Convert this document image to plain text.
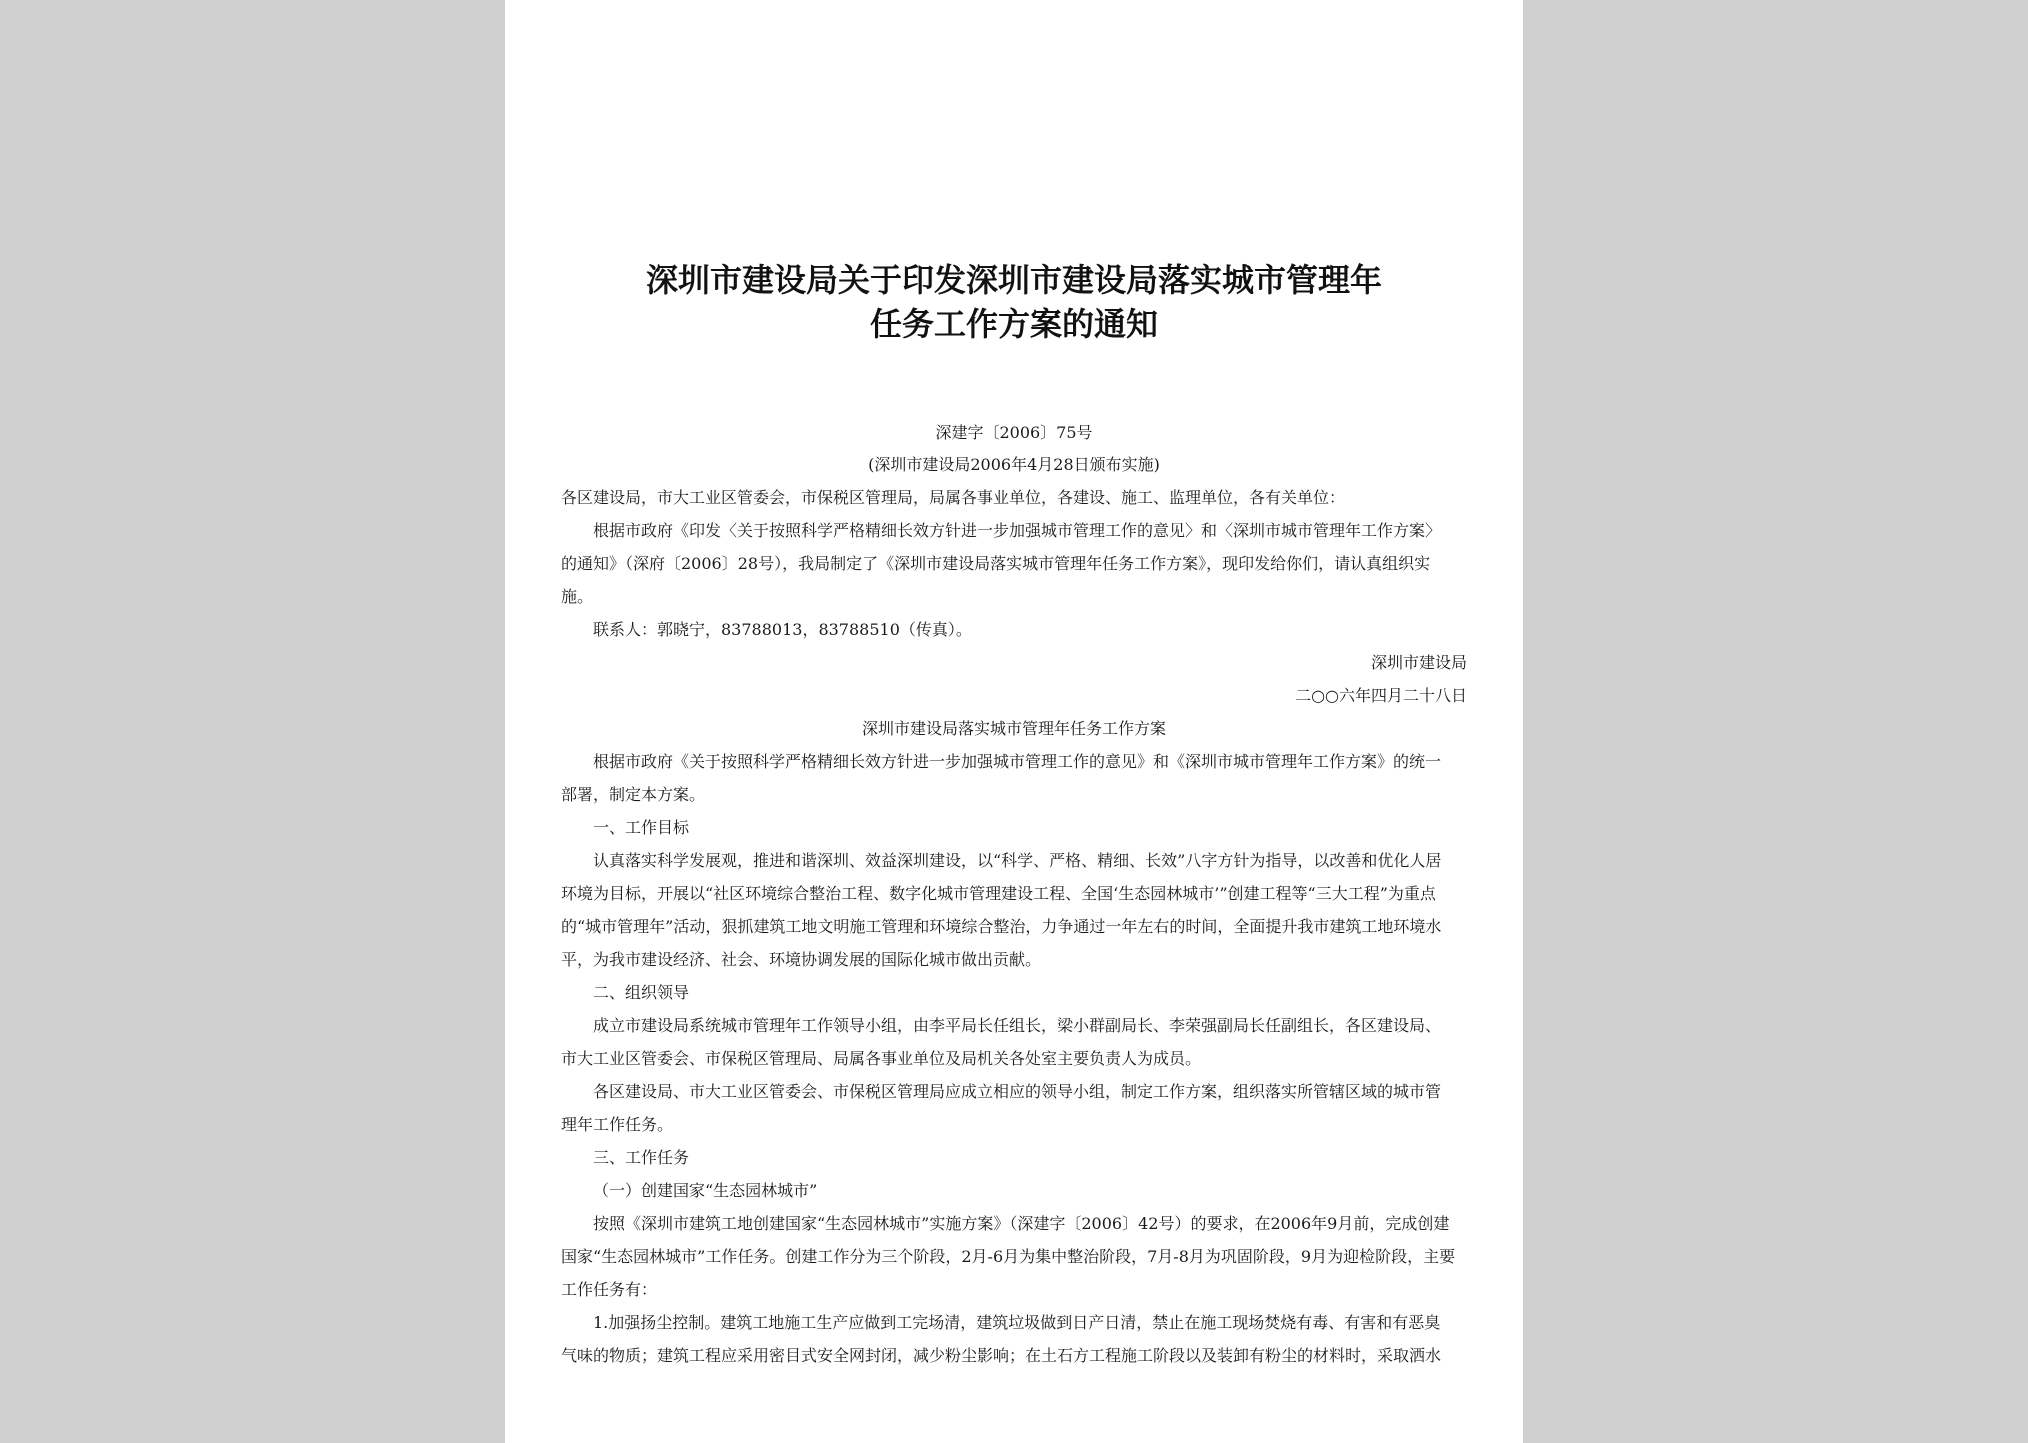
深圳市建设局关于印发深圳市建设局落实城市管理年
任务工作方案的通知
深建字〔2006〕75号
(深圳市建设局2006年4月28日颁布实施)
各区建设局，市大工业区管委会，市保税区管理局，局属各事业单位，各建设、施工、监理单位，各有关单位：
根据市政府《印发〈关于按照科学严格精细长效方针进一步加强城市管理工作的意见〉和〈深圳市城市管理年工作方案〉
的通知》（深府〔2006〕28号），我局制定了《深圳市建设局落实城市管理年任务工作方案》，现印发给你们，请认真组织实
施。
联系人：郭晓宁，83788013，83788510（传真）。
深圳市建设局
二○○六年四月二十八日
深圳市建设局落实城市管理年任务工作方案
根据市政府《关于按照科学严格精细长效方针进一步加强城市管理工作的意见》和《深圳市城市管理年工作方案》的统一
部署，制定本方案。
一、工作目标
认真落实科学发展观，推进和谐深圳、效益深圳建设，以“科学、严格、精细、长效”八字方针为指导，以改善和优化人居
环境为目标，开展以“社区环境综合整治工程、数字化城市管理建设工程、全国‘生态园林城市’”创建工程等“三大工程”为重点
的“城市管理年”活动，狠抓建筑工地文明施工管理和环境综合整治，力争通过一年左右的时间，全面提升我市建筑工地环境水
平，为我市建设经济、社会、环境协调发展的国际化城市做出贡献。
二、组织领导
成立市建设局系统城市管理年工作领导小组，由李平局长任组长，梁小群副局长、李荣强副局长任副组长，各区建设局、
市大工业区管委会、市保税区管理局、局属各事业单位及局机关各处室主要负责人为成员。
各区建设局、市大工业区管委会、市保税区管理局应成立相应的领导小组，制定工作方案，组织落实所管辖区域的城市管
理年工作任务。
三、工作任务
（一）创建国家“生态园林城市”
按照《深圳市建筑工地创建国家“生态园林城市”实施方案》（深建字〔2006〕42号）的要求，在2006年9月前，完成创建
国家“生态园林城市”工作任务。创建工作分为三个阶段，2月-6月为集中整治阶段，7月-8月为巩固阶段，9月为迎检阶段，主要
工作任务有：
1.加强扬尘控制。建筑工地施工生产应做到工完场清，建筑垃圾做到日产日清，禁止在施工现场焚烧有毒、有害和有恶臭
气味的物质；建筑工程应采用密目式安全网封闭，减少粉尘影响；在土石方工程施工阶段以及装卸有粉尘的材料时，采取洒水
